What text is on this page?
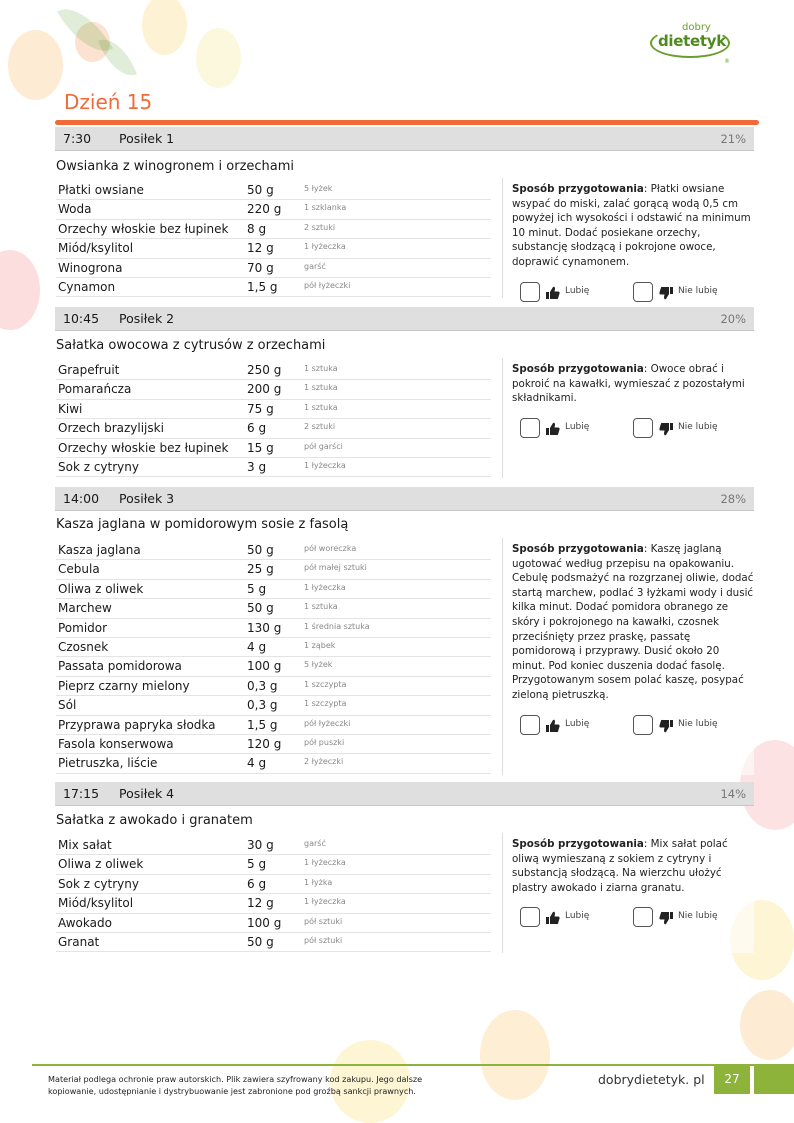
dobry
dietetyk
®
Dzień 15
7:30 Posiłek 1	21%
Owsianka z winogronem i orzechami
Płatki owsiane	50 g	5 łyżek
Woda	220 g	1 szklanka
Orzechy włoskie bez łupinek 8 g	2 sztuki
Miód/ksylitol	12 g	1 łyżeczka
Winogrona	70 g	garść
Cynamon	1,5 g	pół łyżeczki
Sposób przygotowania: Płatki owsiane wsypać do miski, zalać gorącą wodą 0,5 cm powyżej ich wysokości i odstawić na minimum 10 minut. Dodać posiekane orzechy, substancję słodzącą i pokrojone owoce, doprawić cynamonem.
Lubię	Nie lubię
10:45 Posiłek 2	20%
Sałatka owocowa z cytrusów z orzechami
Grapefruit	250 g	1 sztuka
Pomarańcza	200 g	1 sztuka
Kiwi	75 g	1 sztuka
Orzech brazylijski	6 g	2 sztuki
Orzechy włoskie bez łupinek 15 g	pół garści
Sok z cytryny	3 g	1 łyżeczka
Sposób przygotowania: Owoce obrać i pokroić na kawałki, wymieszać z pozostałymi składnikami.
Lubię	Nie lubię
14:00 Posiłek 3	28%
Kasza jaglana w pomidorowym sosie z fasolą
Kasza jaglana	50 g	pół woreczka
Cebula	25 g	pół małej sztuki
Oliwa z oliwek	5 g	1 łyżeczka
Marchew	50 g	1 sztuka
Pomidor	130 g	1 średnia sztuka
Czosnek	4 g	1 ząbek
Passata pomidorowa	100 g	5 łyżek
Pieprz czarny mielony	0,3 g	1 szczypta
Sól	0,3 g	1 szczypta
Przyprawa papryka słodka	1,5 g	pół łyżeczki
Fasola konserwowa	120 g	pół puszki
Pietruszka, liście	4 g	2 łyżeczki
Sposób przygotowania: Kaszę jaglaną ugotować według przepisu na opakowaniu. Cebulę podsmażyć na rozgrzanej oliwie, dodać startą marchew, podlać 3 łyżkami wody i dusić kilka minut. Dodać pomidora obranego ze skóry i pokrojonego na kawałki, czosnek przeciśnięty przez praskę, passatę pomidorową i przyprawy. Dusić około 20 minut. Pod koniec duszenia dodać fasolę. Przygotowanym sosem polać kaszę, posypać zieloną pietruszką.
Lubię	Nie lubię
17:15 Posiłek 4	14%
Sałatka z awokado i granatem
Mix sałat	30 g	garść
Oliwa z oliwek	5 g	1 łyżeczka
Sok z cytryny	6 g	1 łyżka
Miód/ksylitol	12 g	1 łyżeczka
Awokado	100 g	pół sztuki
Granat	50 g	pół sztuki
Sposób przygotowania: Mix sałat polać oliwą wymieszaną z sokiem z cytryny i substancją słodzącą. Na wierzchu ułożyć plastry awokado i ziarna granatu.
Lubię	Nie lubię
Materiał podlega ochronie praw autorskich. Plik zawiera szyfrowany kod zakupu. Jego dalsze kopiowanie, udostępnianie i dystrybuowanie jest zabronione pod groźbą sankcji prawnych.
dobrydietetyk. pl	27
